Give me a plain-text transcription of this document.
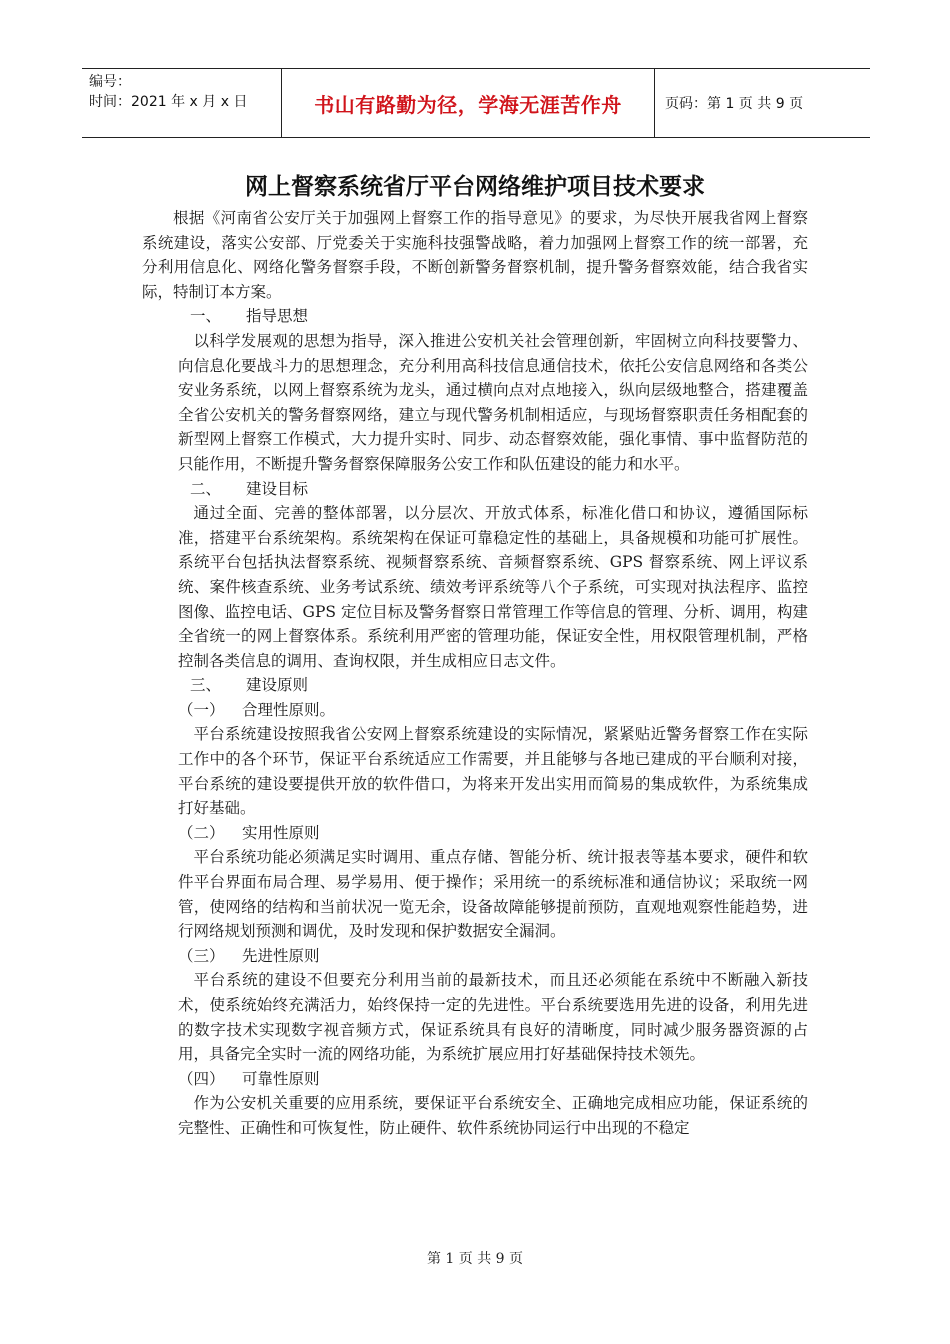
编号：
时间：2021 年 x 月 x 日	书山有路勤为径，学海无涯苦作舟	页码：第 1 页 共 9 页
网上督察系统省厅平台网络维护项目技术要求

根据《河南省公安厅关于加强网上督察工作的指导意见》的要求，为尽快开展我省网上督察系统建设，落实公安部、厅党委关于实施科技强警战略，着力加强网上督察工作的统一部署，充分利用信息化、网络化警务督察手段，不断创新警务督察机制，提升警务督察效能，结合我省实际，特制订本方案。

一、 指导思想

以科学发展观的思想为指导，深入推进公安机关社会管理创新，牢固树立向科技要警力、向信息化要战斗力的思想理念，充分利用高科技信息通信技术，依托公安信息网络和各类公安业务系统，以网上督察系统为龙头，通过横向点对点地接入，纵向层级地整合，搭建覆盖全省公安机关的警务督察网络，建立与现代警务机制相适应，与现场督察职责任务相配套的新型网上督察工作模式，大力提升实时、同步、动态督察效能，强化事情、事中监督防范的只能作用，不断提升警务督察保障服务公安工作和队伍建设的能力和水平。

二、 建设目标

通过全面、完善的整体部署，以分层次、开放式体系，标准化借口和协议，遵循国际标准，搭建平台系统架构。系统架构在保证可靠稳定性的基础上，具备规模和功能可扩展性。系统平台包括执法督察系统、视频督察系统、音频督察系统、GPS 督察系统、网上评议系统、案件核查系统、业务考试系统、绩效考评系统等八个子系统，可实现对执法程序、监控图像、监控电话、GPS 定位目标及警务督察日常管理工作等信息的管理、分析、调用，构建全省统一的网上督察体系。系统利用严密的管理功能，保证安全性，用权限管理机制，严格控制各类信息的调用、查询权限，并生成相应日志文件。

三、 建设原则
（一） 合理性原则。

平台系统建设按照我省公安网上督察系统建设的实际情况，紧紧贴近警务督察工作在实际工作中的各个环节，保证平台系统适应工作需要，并且能够与各地已建成的平台顺利对接，平台系统的建设要提供开放的软件借口，为将来开发出实用而简易的集成软件，为系统集成打好基础。

（二） 实用性原则

平台系统功能必须满足实时调用、重点存储、智能分析、统计报表等基本要求，硬件和软件平台界面布局合理、易学易用、便于操作；采用统一的系统标准和通信协议；采取统一网管，使网络的结构和当前状况一览无余，设备故障能够提前预防，直观地观察性能趋势，进行网络规划预测和调优，及时发现和保护数据安全漏洞。

（三） 先进性原则

平台系统的建设不但要充分利用当前的最新技术，而且还必须能在系统中不断融入新技术，使系统始终充满活力，始终保持一定的先进性。平台系统要选用先进的设备，利用先进的数字技术实现数字视音频方式，保证系统具有良好的清晰度，同时减少服务器资源的占用，具备完全实时一流的网络功能，为系统扩展应用打好基础保持技术领先。

（四） 可靠性原则

作为公安机关重要的应用系统，要保证平台系统安全、正确地完成相应功能，保证系统的完整性、正确性和可恢复性，防止硬件、软件系统协同运行中出现的不稳定

第 1 页 共 9 页
